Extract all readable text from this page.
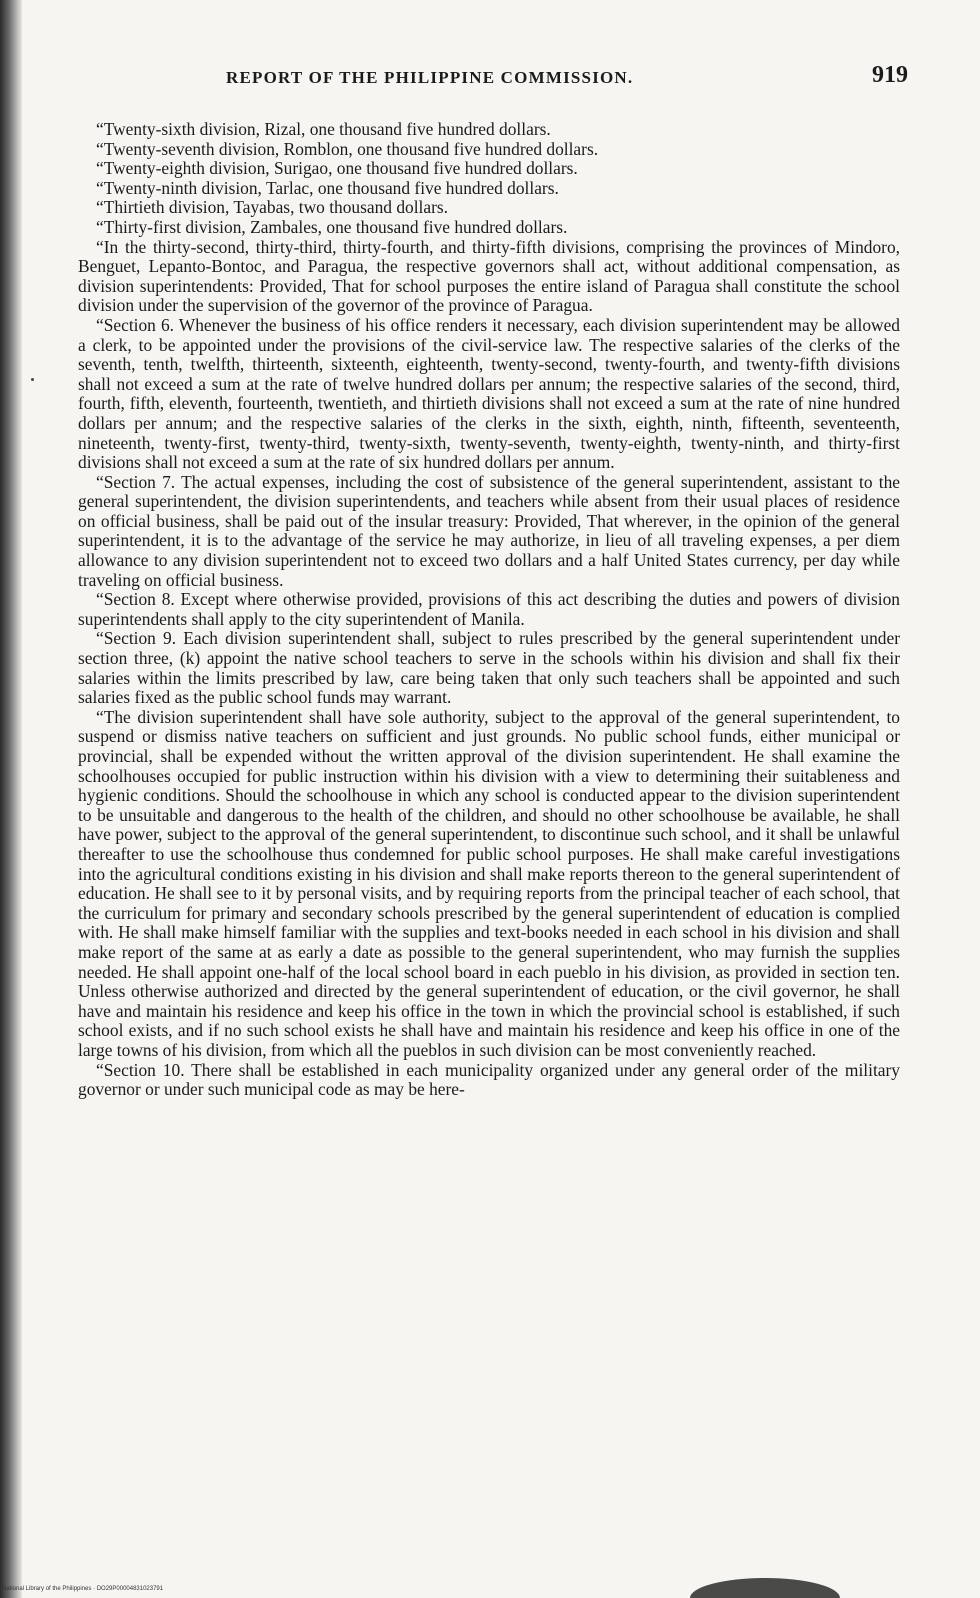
REPORT OF THE PHILIPPINE COMMISSION.	919

“Twenty-sixth division, Rizal, one thousand five hundred dollars.

“Twenty-seventh division, Romblon, one thousand five hundred dollars.

“Twenty-eighth division, Surigao, one thousand five hundred dollars.

“Twenty-ninth division, Tarlac, one thousand five hundred dollars.

“Thirtieth division, Tayabas, two thousand dollars.

“Thirty-first division, Zambales, one thousand five hundred dollars.

“In the thirty-second, thirty-third, thirty-fourth, and thirty-fifth divisions, comprising the provinces of Mindoro, Benguet, Lepanto-Bontoc, and Paragua, the respective governors shall act, without additional compensation, as division superintendents: Provided, That for school purposes the entire island of Paragua shall constitute the school division under the supervision of the governor of the province of Paragua.

“Section 6. Whenever the business of his office renders it necessary, each division superintendent may be allowed a clerk, to be appointed under the provisions of the civil-service law. The respective salaries of the clerks of the seventh, tenth, twelfth, thirteenth, sixteenth, eighteenth, twenty-second, twenty-fourth, and twenty-fifth divisions shall not exceed a sum at the rate of twelve hundred dollars per annum; the respective salaries of the second, third, fourth, fifth, eleventh, fourteenth, twentieth, and thirtieth divisions shall not exceed a sum at the rate of nine hundred dollars per annum; and the respective salaries of the clerks in the sixth, eighth, ninth, fifteenth, seventeenth, nineteenth, twenty-first, twenty-third, twenty-sixth, twenty-seventh, twenty-eighth, twenty-ninth, and thirty-first divisions shall not exceed a sum at the rate of six hundred dollars per annum.

“Section 7. The actual expenses, including the cost of subsistence of the general superintendent, assistant to the general superintendent, the division superintendents, and teachers while absent from their usual places of residence on official business, shall be paid out of the insular treasury: Provided, That wherever, in the opinion of the general superintendent, it is to the advantage of the service he may authorize, in lieu of all traveling expenses, a per diem allowance to any division superintendent not to exceed two dollars and a half United States currency, per day while traveling on official business.

“Section 8. Except where otherwise provided, provisions of this act describing the duties and powers of division superintendents shall apply to the city superintendent of Manila.

“Section 9. Each division superintendent shall, subject to rules prescribed by the general superintendent under section three, (k) appoint the native school teachers to serve in the schools within his division and shall fix their salaries within the limits prescribed by law, care being taken that only such teachers shall be appointed and such salaries fixed as the public school funds may warrant.

“The division superintendent shall have sole authority, subject to the approval of the general superintendent, to suspend or dismiss native teachers on sufficient and just grounds. No public school funds, either municipal or provincial, shall be expended without the written approval of the division superintendent. He shall examine the schoolhouses occupied for public instruction within his division with a view to determining their suitableness and hygienic conditions. Should the schoolhouse in which any school is conducted appear to the division superintendent to be unsuitable and dangerous to the health of the children, and should no other schoolhouse be available, he shall have power, subject to the approval of the general superintendent, to discontinue such school, and it shall be unlawful thereafter to use the schoolhouse thus condemned for public school purposes. He shall make careful investigations into the agricultural conditions existing in his division and shall make reports thereon to the general superintendent of education. He shall see to it by personal visits, and by requiring reports from the principal teacher of each school, that the curriculum for primary and secondary schools prescribed by the general superintendent of education is complied with. He shall make himself familiar with the supplies and text-books needed in each school in his division and shall make report of the same at as early a date as possible to the general superintendent, who may furnish the supplies needed. He shall appoint one-half of the local school board in each pueblo in his division, as provided in section ten. Unless otherwise authorized and directed by the general superintendent of education, or the civil governor, he shall have and maintain his residence and keep his office in the town in which the provincial school is established, if such school exists, and if no such school exists he shall have and maintain his residence and keep his office in one of the large towns of his division, from which all the pueblos in such division can be most conveniently reached.

“Section 10. There shall be established in each municipality organized under any general order of the military governor or under such municipal code as may be here-

National Library of the Philippines · DO29P00004831023791
